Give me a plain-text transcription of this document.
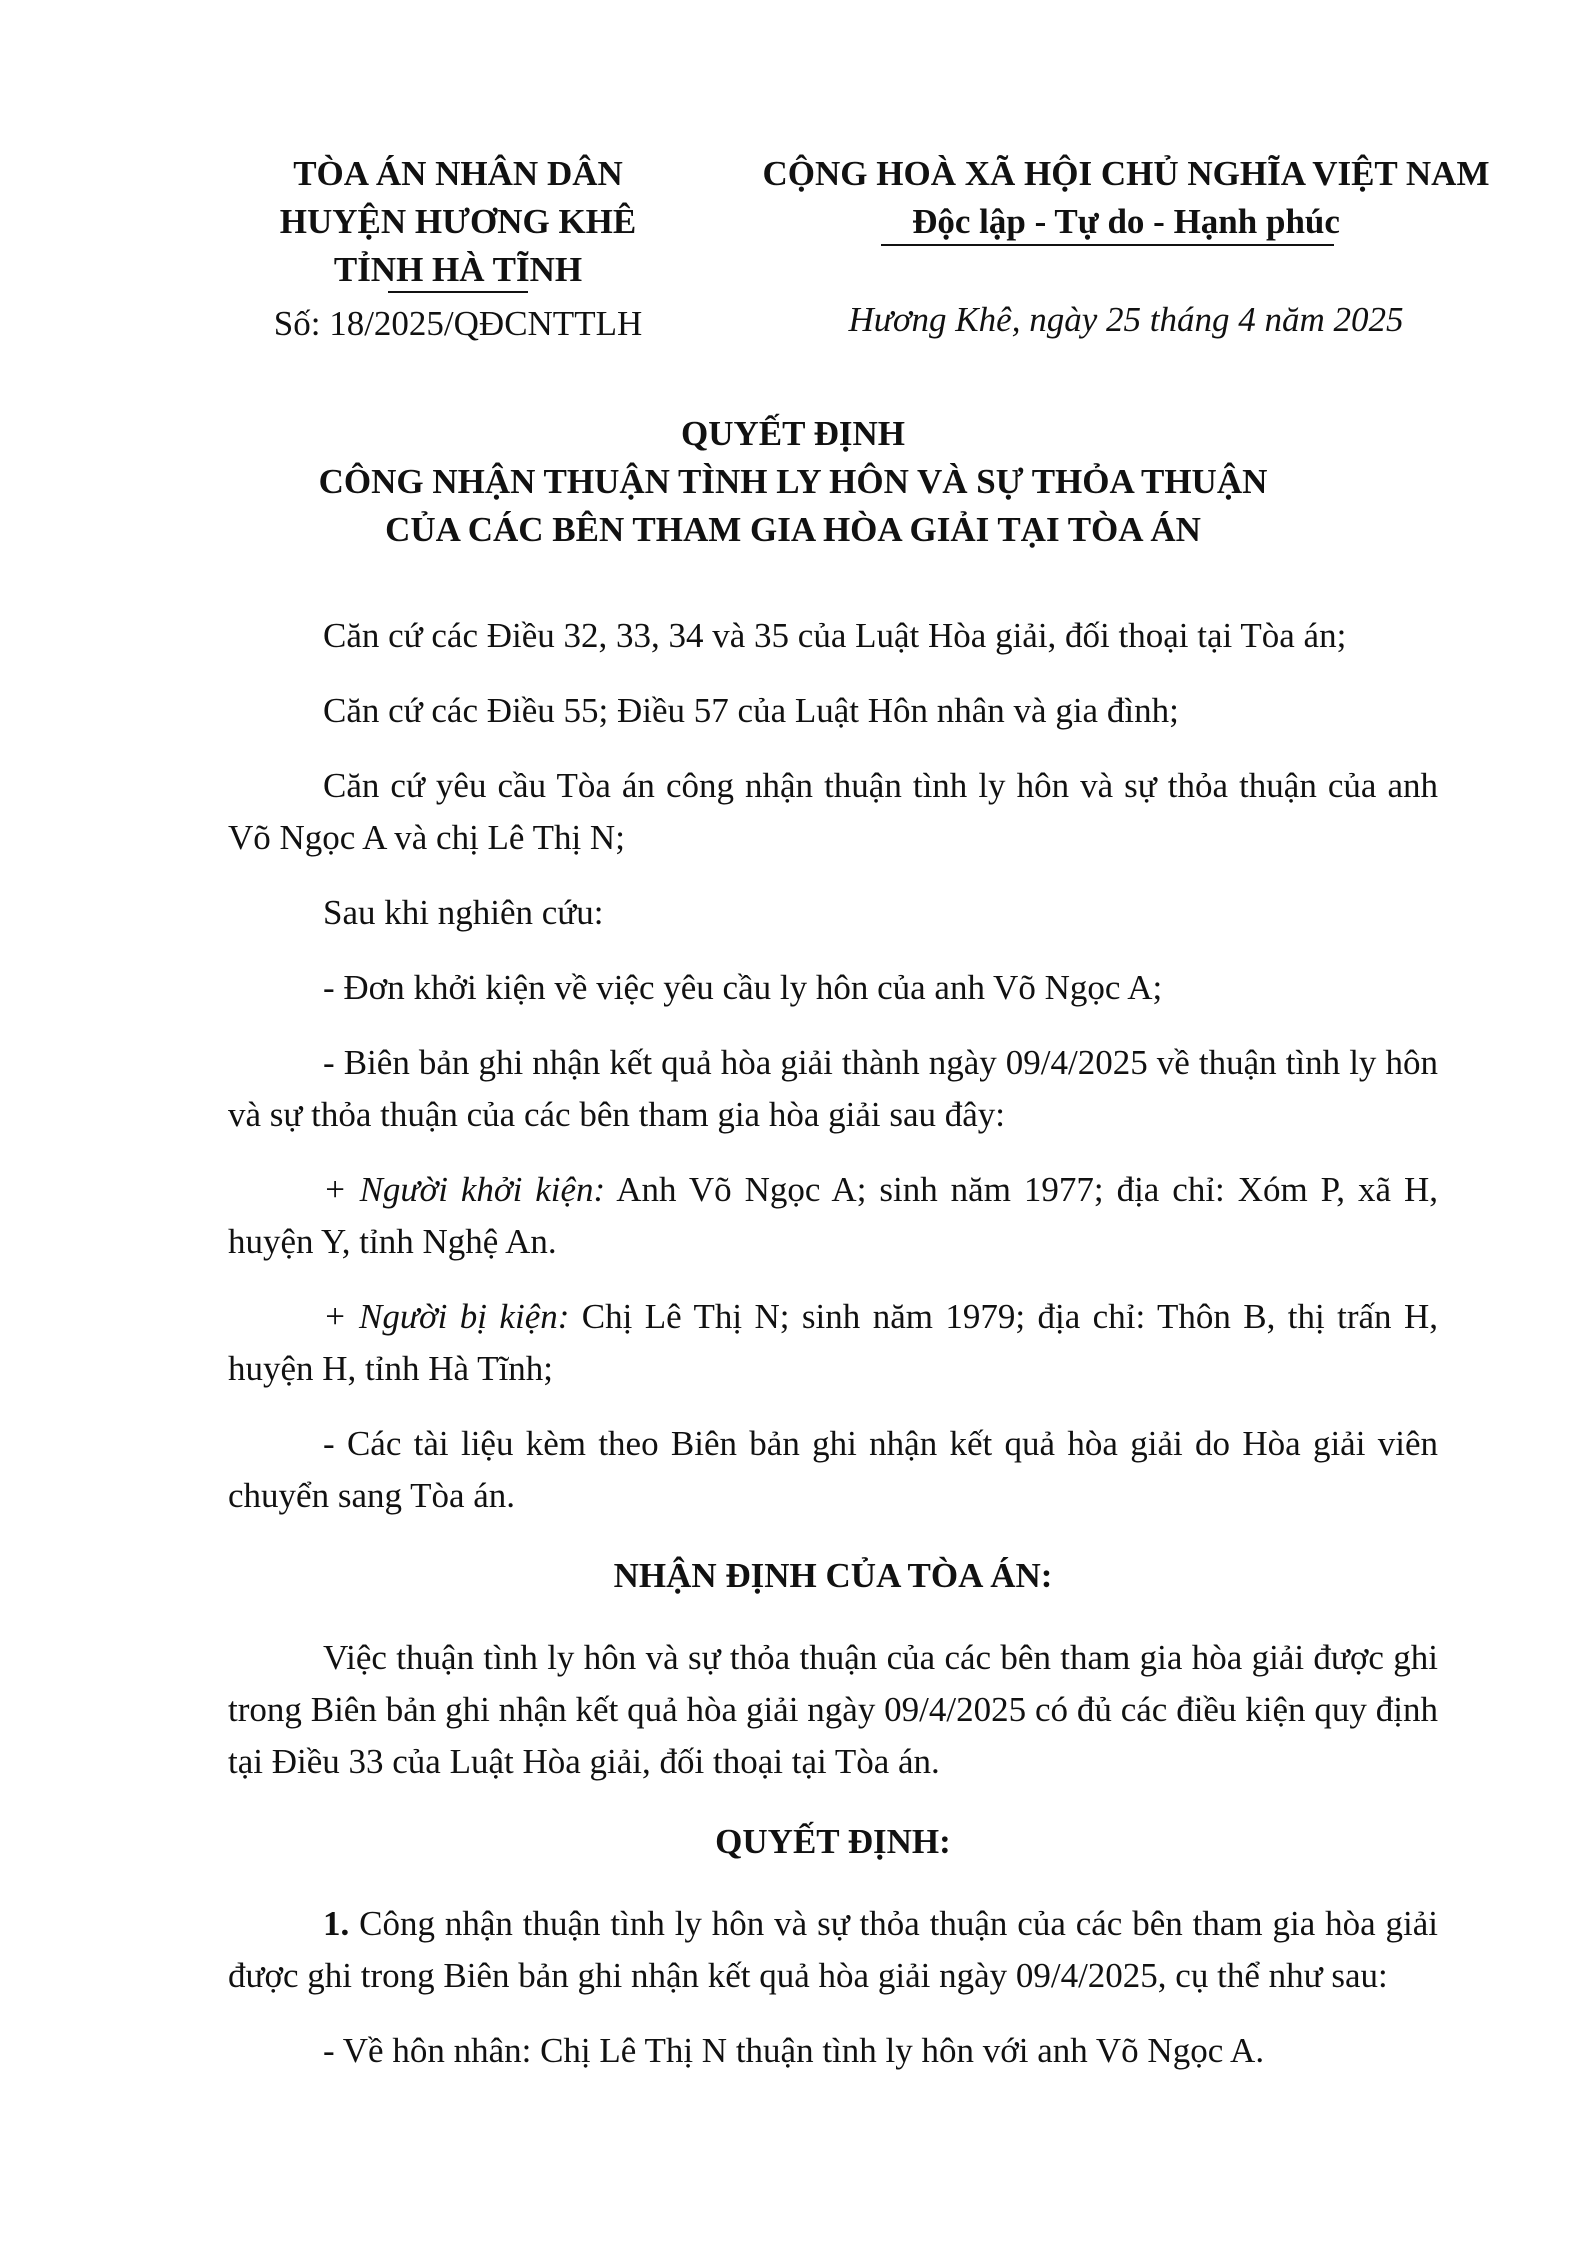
TÒA ÁN NHÂN DÂN
HUYỆN HƯƠNG KHÊ
TỈNH HÀ TĨNH
Số: 18/2025/QĐCNTTLH
CỘNG HOÀ XÃ HỘI CHỦ NGHĨA VIỆT NAM
Độc lập - Tự do - Hạnh phúc
Hương Khê, ngày 25 tháng 4 năm 2025
QUYẾT ĐỊNH
CÔNG NHẬN THUẬN TÌNH LY HÔN VÀ SỰ THỎA THUẬN
CỦA CÁC BÊN THAM GIA HÒA GIẢI TẠI TÒA ÁN

Căn cứ các Điều 32, 33, 34 và 35 của Luật Hòa giải, đối thoại tại Tòa án;

Căn cứ các Điều 55; Điều 57 của Luật Hôn nhân và gia đình;

Căn cứ yêu cầu Tòa án công nhận thuận tình ly hôn và sự thỏa thuận của anh Võ Ngọc A và chị Lê Thị N;

Sau khi nghiên cứu:

- Đơn khởi kiện về việc yêu cầu ly hôn của anh Võ Ngọc A;

- Biên bản ghi nhận kết quả hòa giải thành ngày 09/4/2025 về thuận tình ly hôn và sự thỏa thuận của các bên tham gia hòa giải sau đây:

+ Người khởi kiện: Anh Võ Ngọc A; sinh năm 1977; địa chỉ: Xóm P, xã H, huyện Y, tỉnh Nghệ An.

+ Người bị kiện: Chị Lê Thị N; sinh năm 1979; địa chỉ: Thôn B, thị trấn H, huyện H, tỉnh Hà Tĩnh;

- Các tài liệu kèm theo Biên bản ghi nhận kết quả hòa giải do Hòa giải viên chuyển sang Tòa án.

NHẬN ĐỊNH CỦA TÒA ÁN:

Việc thuận tình ly hôn và sự thỏa thuận của các bên tham gia hòa giải được ghi trong Biên bản ghi nhận kết quả hòa giải ngày 09/4/2025 có đủ các điều kiện quy định tại Điều 33 của Luật Hòa giải, đối thoại tại Tòa án.

QUYẾT ĐỊNH:

1. Công nhận thuận tình ly hôn và sự thỏa thuận của các bên tham gia hòa giải được ghi trong Biên bản ghi nhận kết quả hòa giải ngày 09/4/2025, cụ thể như sau:

- Về hôn nhân: Chị Lê Thị N thuận tình ly hôn với anh Võ Ngọc A.
